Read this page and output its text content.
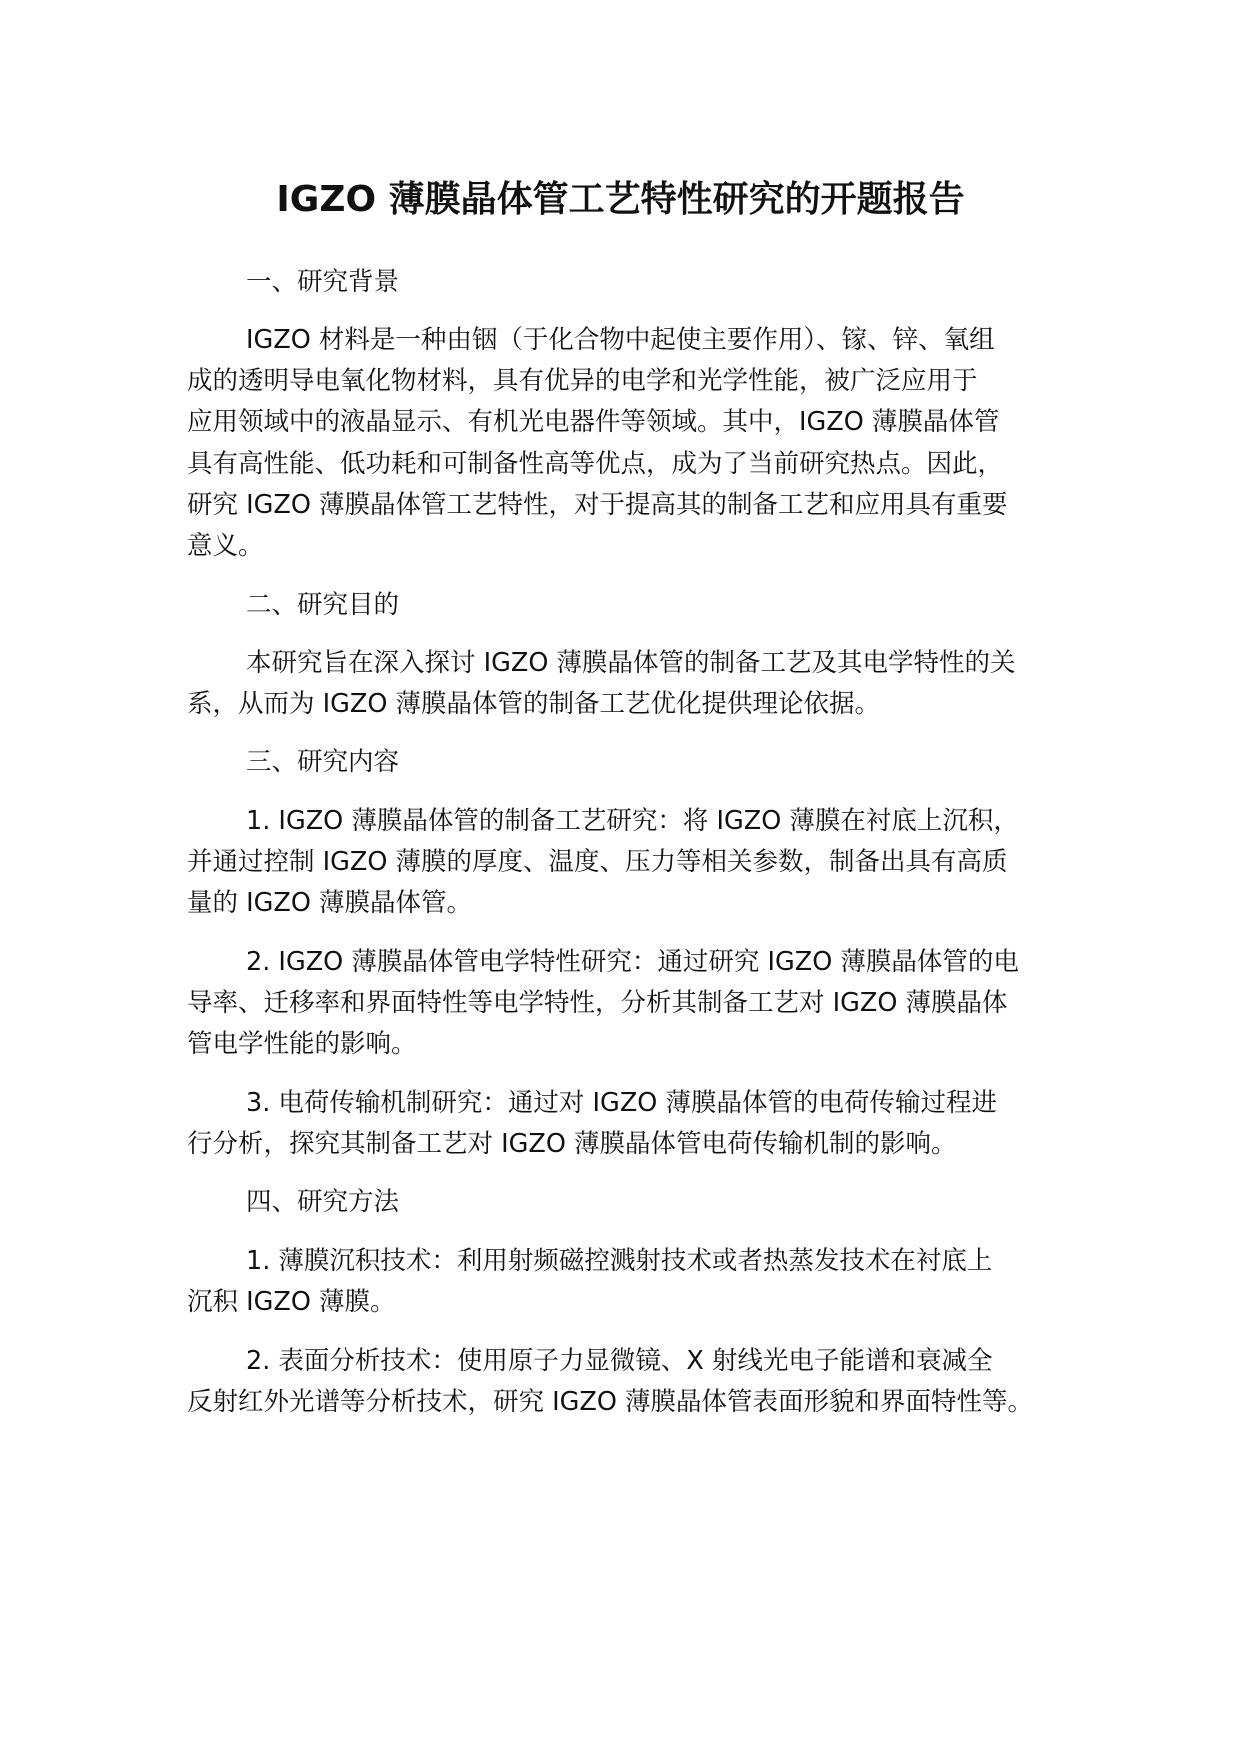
IGZO 薄膜晶体管工艺特性研究的开题报告
一、研究背景
IGZO 材料是一种由铟（于化合物中起使主要作用）、镓、锌、氧组
成的透明导电氧化物材料，具有优异的电学和光学性能，被广泛应用于
应用领域中的液晶显示、有机光电器件等领域。其中，IGZO 薄膜晶体管
具有高性能、低功耗和可制备性高等优点，成为了当前研究热点。因此，
研究 IGZO 薄膜晶体管工艺特性，对于提高其的制备工艺和应用具有重要
意义。
二、研究目的
本研究旨在深入探讨 IGZO 薄膜晶体管的制备工艺及其电学特性的关
系，从而为 IGZO 薄膜晶体管的制备工艺优化提供理论依据。
三、研究内容
1. IGZO 薄膜晶体管的制备工艺研究：将 IGZO 薄膜在衬底上沉积，
并通过控制 IGZO 薄膜的厚度、温度、压力等相关参数，制备出具有高质
量的 IGZO 薄膜晶体管。
2. IGZO 薄膜晶体管电学特性研究：通过研究 IGZO 薄膜晶体管的电
导率、迁移率和界面特性等电学特性，分析其制备工艺对 IGZO 薄膜晶体
管电学性能的影响。
3. 电荷传输机制研究：通过对 IGZO 薄膜晶体管的电荷传输过程进
行分析，探究其制备工艺对 IGZO 薄膜晶体管电荷传输机制的影响。
四、研究方法
1. 薄膜沉积技术：利用射频磁控溅射技术或者热蒸发技术在衬底上
沉积 IGZO 薄膜。
2. 表面分析技术：使用原子力显微镜、X 射线光电子能谱和衰减全
反射红外光谱等分析技术，研究 IGZO 薄膜晶体管表面形貌和界面特性等。
